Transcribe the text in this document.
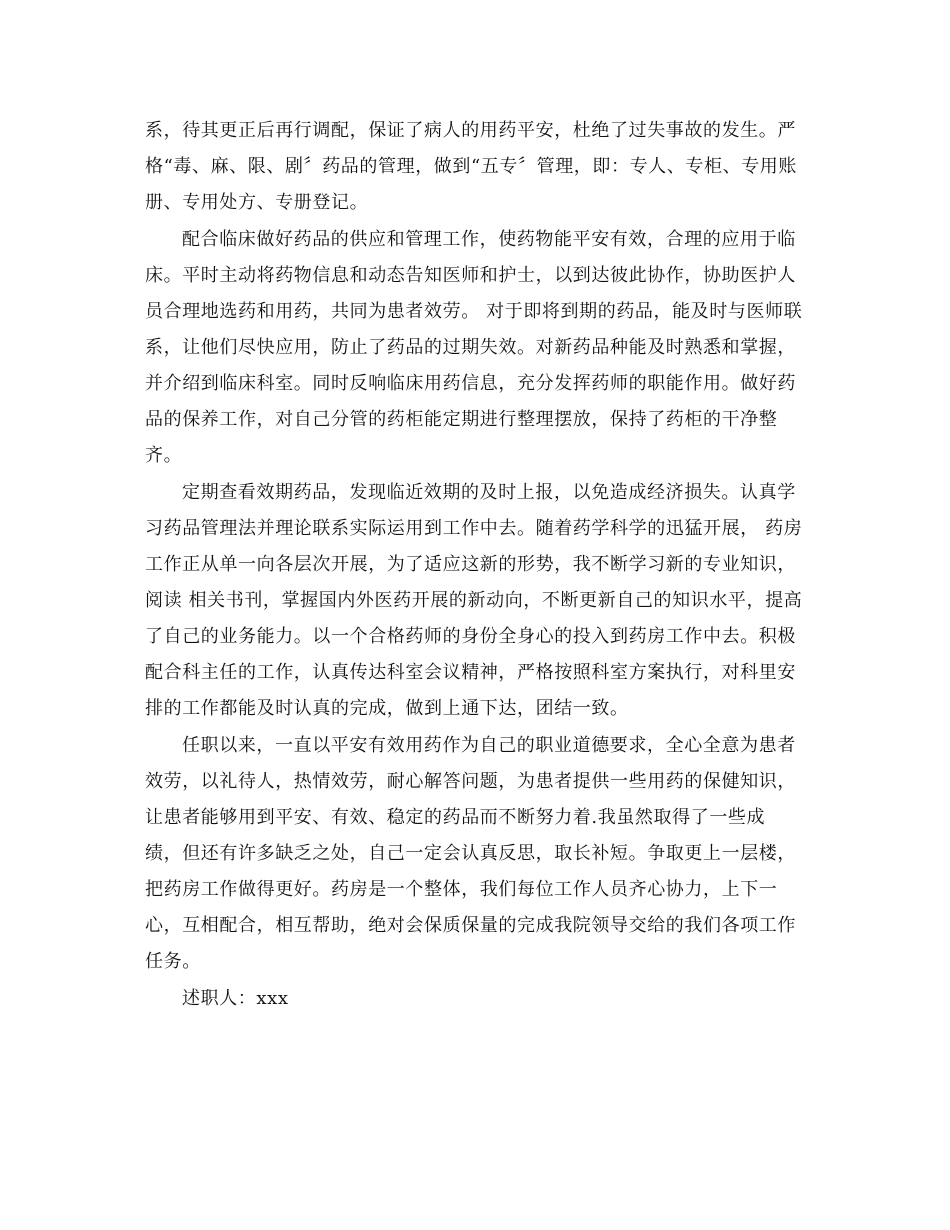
系，待其更正后再行调配，保证了病人的用药平安，杜绝了过失事故的发生。严
格“毒、麻、限、剧〞药品的管理，做到“五专〞管理，即：专人、专柜、专用账
册、专用处方、专册登记。
配合临床做好药品的供应和管理工作，使药物能平安有效，合理的应用于临
床。平时主动将药物信息和动态告知医师和护士，以到达彼此协作，协助医护人
员合理地选药和用药，共同为患者效劳。 对于即将到期的药品，能及时与医师联
系，让他们尽快应用，防止了药品的过期失效。对新药品种能及时熟悉和掌握，
并介绍到临床科室。同时反响临床用药信息，充分发挥药师的职能作用。做好药
品的保养工作，对自己分管的药柜能定期进行整理摆放，保持了药柜的干净整
齐。
定期查看效期药品，发现临近效期的及时上报，以免造成经济损失。认真学
习药品管理法并理论联系实际运用到工作中去。随着药学科学的迅猛开展， 药房
工作正从单一向各层次开展，为了适应这新的形势，我不断学习新的专业知识，
阅读 相关书刊，掌握国内外医药开展的新动向，不断更新自己的知识水平，提高
了自己的业务能力。以一个合格药师的身份全身心的投入到药房工作中去。积极
配合科主任的工作，认真传达科室会议精神，严格按照科室方案执行，对科里安
排的工作都能及时认真的完成，做到上通下达，团结一致。
任职以来，一直以平安有效用药作为自己的职业道德要求，全心全意为患者
效劳，以礼待人，热情效劳，耐心解答问题，为患者提供一些用药的保健知识，
让患者能够用到平安、有效、稳定的药品而不断努力着.我虽然取得了一些成
绩，但还有许多缺乏之处，自己一定会认真反思，取长补短。争取更上一层楼，
把药房工作做得更好。药房是一个整体，我们每位工作人员齐心协力，上下一
心，互相配合，相互帮助，绝对会保质保量的完成我院领导交给的我们各项工作
任务。
述职人：xxx
